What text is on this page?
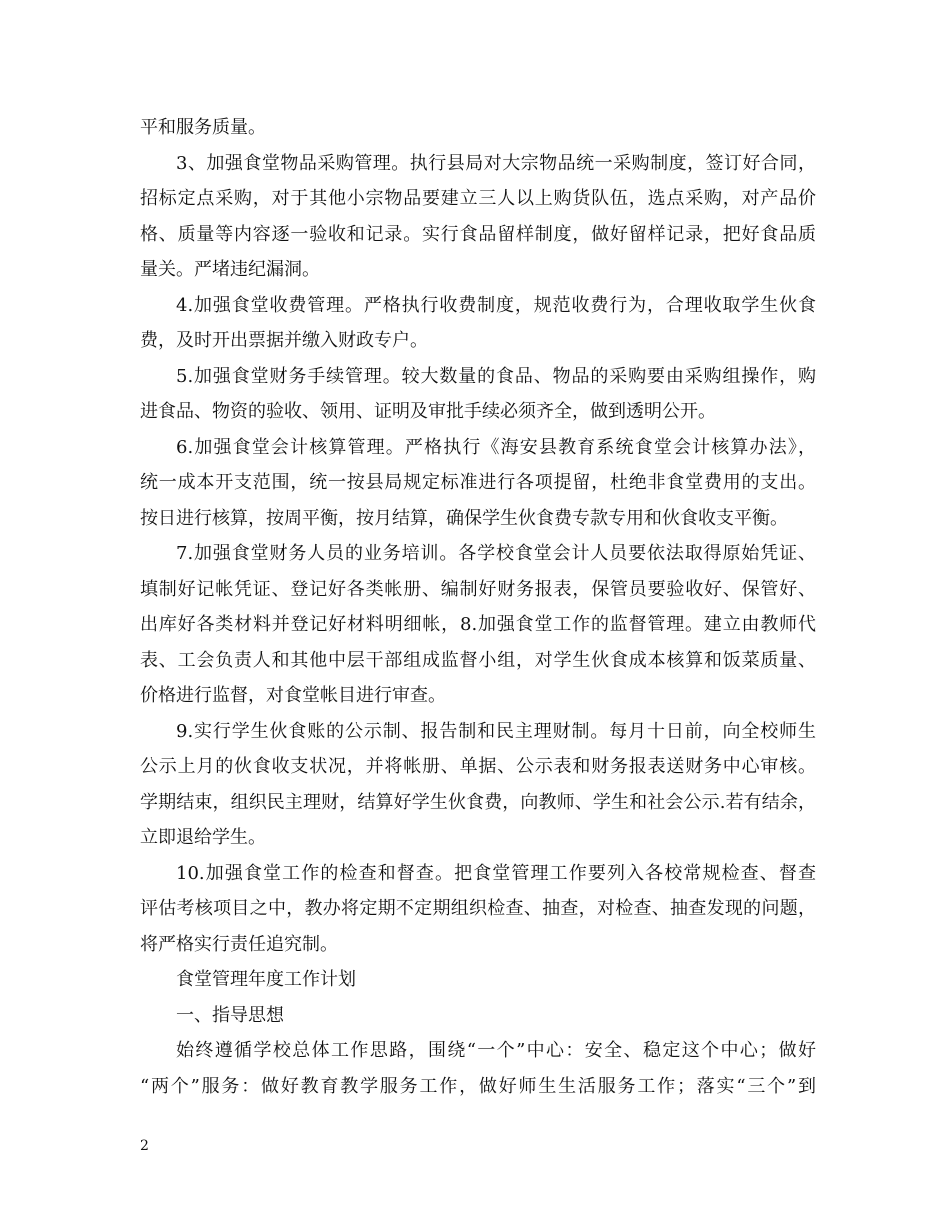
平和服务质量。
3、加强食堂物品采购管理。执行县局对大宗物品统一采购制度，签订好合同，
招标定点采购，对于其他小宗物品要建立三人以上购货队伍，选点采购，对产品价
格、质量等内容逐一验收和记录。实行食品留样制度，做好留样记录，把好食品质
量关。严堵违纪漏洞。
4.加强食堂收费管理。严格执行收费制度，规范收费行为，合理收取学生伙食
费，及时开出票据并缴入财政专户。
5.加强食堂财务手续管理。较大数量的食品、物品的采购要由采购组操作，购
进食品、物资的验收、领用、证明及审批手续必须齐全，做到透明公开。
6.加强食堂会计核算管理。严格执行《海安县教育系统食堂会计核算办法》，
统一成本开支范围，统一按县局规定标准进行各项提留，杜绝非食堂费用的支出。
按日进行核算，按周平衡，按月结算，确保学生伙食费专款专用和伙食收支平衡。
7.加强食堂财务人员的业务培训。各学校食堂会计人员要依法取得原始凭证、
填制好记帐凭证、登记好各类帐册、编制好财务报表，保管员要验收好、保管好、
出库好各类材料并登记好材料明细帐，8.加强食堂工作的监督管理。建立由教师代
表、工会负责人和其他中层干部组成监督小组，对学生伙食成本核算和饭菜质量、
价格进行监督，对食堂帐目进行审查。
9.实行学生伙食账的公示制、报告制和民主理财制。每月十日前，向全校师生
公示上月的伙食收支状况，并将帐册、单据、公示表和财务报表送财务中心审核。
学期结束，组织民主理财，结算好学生伙食费，向教师、学生和社会公示.若有结余，
立即退给学生。
10.加强食堂工作的检查和督查。把食堂管理工作要列入各校常规检查、督查
评估考核项目之中，教办将定期不定期组织检查、抽查，对检查、抽查发现的问题，
将严格实行责任追究制。
食堂管理年度工作计划
一、指导思想
始终遵循学校总体工作思路，围绕“一个”中心：安全、稳定这个中心；做好
“两个”服务：做好教育教学服务工作，做好师生生活服务工作；落实“三个”到
2
